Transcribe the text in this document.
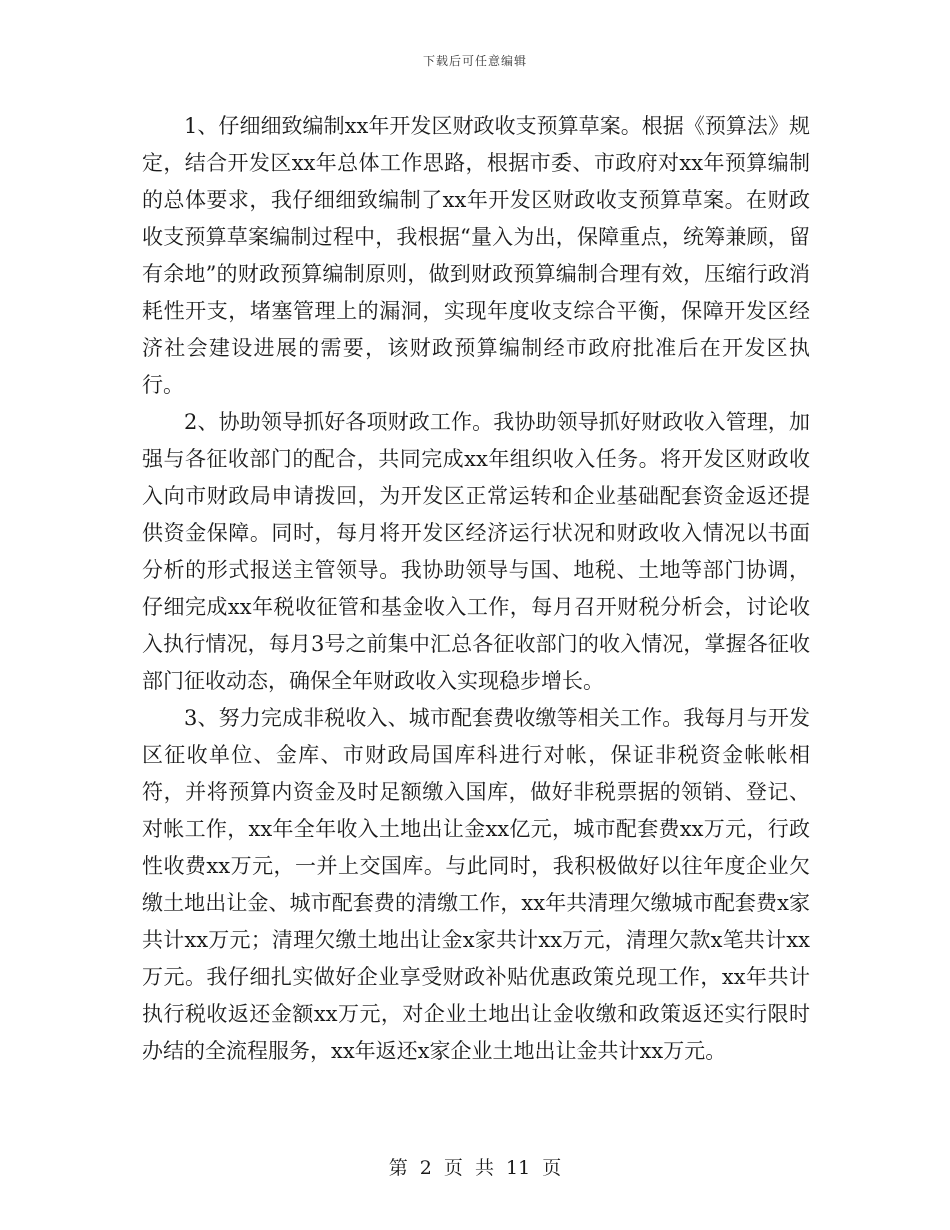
下载后可任意编辑

1、仔细细致编制xx年开发区财政收支预算草案。根据《预算法》规定，结合开发区xx年总体工作思路，根据市委、市政府对xx年预算编制的总体要求，我仔细细致编制了xx年开发区财政收支预算草案。在财政收支预算草案编制过程中，我根据“量入为出，保障重点，统筹兼顾，留有余地”的财政预算编制原则，做到财政预算编制合理有效，压缩行政消耗性开支，堵塞管理上的漏洞，实现年度收支综合平衡，保障开发区经济社会建设进展的需要，该财政预算编制经市政府批准后在开发区执行。

2、协助领导抓好各项财政工作。我协助领导抓好财政收入管理，加强与各征收部门的配合，共同完成xx年组织收入任务。将开发区财政收入向市财政局申请拨回，为开发区正常运转和企业基础配套资金返还提供资金保障。同时，每月将开发区经济运行状况和财政收入情况以书面分析的形式报送主管领导。我协助领导与国、地税、土地等部门协调，仔细完成xx年税收征管和基金收入工作，每月召开财税分析会，讨论收入执行情况，每月3号之前集中汇总各征收部门的收入情况，掌握各征收部门征收动态，确保全年财政收入实现稳步增长。

3、努力完成非税收入、城市配套费收缴等相关工作。我每月与开发区征收单位、金库、市财政局国库科进行对帐，保证非税资金帐帐相符，并将预算内资金及时足额缴入国库，做好非税票据的领销、登记、对帐工作，xx年全年收入土地出让金xx亿元，城市配套费xx万元，行政性收费xx万元，一并上交国库。与此同时，我积极做好以往年度企业欠缴土地出让金、城市配套费的清缴工作，xx年共清理欠缴城市配套费x家共计xx万元；清理欠缴土地出让金x家共计xx万元，清理欠款x笔共计xx万元。我仔细扎实做好企业享受财政补贴优惠政策兑现工作，xx年共计执行税收返还金额xx万元，对企业土地出让金收缴和政策返还实行限时办结的全流程服务，xx年返还x家企业土地出让金共计xx万元。

第 2 页 共 11 页
